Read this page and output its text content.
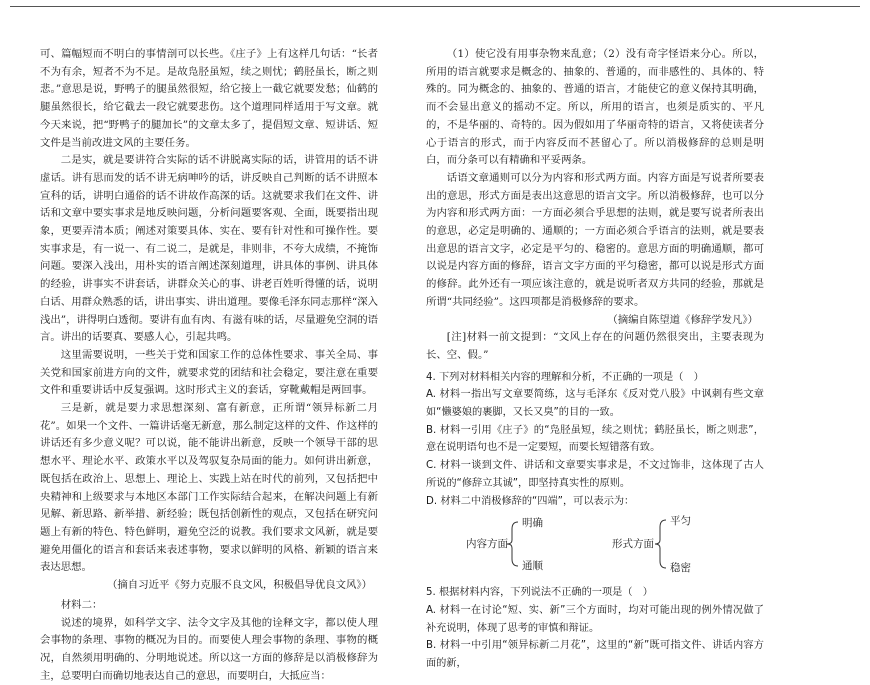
可、篇幅短而不明白的事情剖可以长些。《庄子》上有这样几句话：“长者不为有余，短者不为不足。是故凫胫虽短，续之则忧；鹤胫虽长，断之则悲。”意思是说，野鸭子的腿虽然很短，给它接上一截它就要发愁；仙鹤的腿虽然很长，给它截去一段它就要悲伤。这个道理同样适用于写文章。就今天来说，把“野鸭子的腿加长”的文章太多了，提倡短文章、短讲话、短文件是当前改进文风的主要任务。

二是实，就是要讲符合实际的话不讲脱离实际的话，讲管用的话不讲虚话。讲有思而发的话不讲无病呻吟的话，讲反映自己判断的话不讲照本宣科的话，讲明白通俗的话不讲故作高深的话。这就要求我们在文件、讲话和文章中要实事求是地反映问题，分析问题要客观、全面，既要指出现象，更要弄清本质；阐述对策要具体、实在、要有针对性和可操作性。要实事求是，有一说一、有二说二，是就是，非则非，不夸大成绩，不掩饰问题。要深入浅出，用朴实的语言阐述深刻道理，讲具体的事例、讲具体的经验，讲事实不讲套话，讲群众关心的事、讲老百姓听得懂的话，说明白话、用群众熟悉的话，讲出事实、讲出道理。要像毛泽东同志那样“深入浅出”，讲得明白透彻。要讲有血有肉、有滋有味的话，尽量避免空洞的语言。讲出的话要真、要感人心，引起共鸣。

这里需要说明，一些关于党和国家工作的总体性要求、事关全局、事关党和国家前进方向的文件，就要求党的团结和社会稳定，要注意在重要文件和重要讲话中反复强调。这时形式主义的套话，穿靴戴帽是两回事。

三是新，就是要力求思想深刻、富有新意，正所谓“领异标新二月花”。如果一个文件、一篇讲话毫无新意，那么制定这样的文件、作这样的讲话还有多少意义呢？可以说，能不能讲出新意，反映一个领导干部的思想水平、理论水平、政策水平以及驾驭复杂局面的能力。如何讲出新意，既包括在政治上、思想上、理论上、实践上站在时代的前列，又包括把中央精神和上级要求与本地区本部门工作实际结合起来，在解决问题上有新见解、新思路、新举措、新经验；既包括创新性的观点，又包括在研究问题上有新的特色、特色鲜明，避免空泛的说教。我们要求文风新，就是要避免用僵化的语言和套话来表述事物，要求以鲜明的风格、新颖的语言来表达思想。

（摘自习近平《努力克服不良文风，积极倡导优良文风》）

材料二：

说述的境界，如科学文字、法令文字及其他的诠释文字，都以使人理会事物的条理、事物的概况为目的。而要使人理会事物的条理、事物的概况，自然须用明确的、分明地说述。所以这一方面的修辞是以消极修辞为主，总要明白而确切地表达自己的意思，而要明白，大抵应当：

（1）使它没有用事杂物来乱意；（2）没有奇字怪语来分心。所以，所用的语言就要求是概念的、抽象的、普通的，而非感性的、具体的、特殊的。同为概念的、抽象的、普通的语言，才能使它的意义保持其明确，而不会显出意义的摇动不定。所以，所用的语言，也须是质实的、平凡的，不是华丽的、奇特的。因为假如用了华丽奇特的语言，又将使读者分心于语言的形式，而于内容反而不甚留心了。所以消极修辞的总则是明白，而分条可以有精确和平妥两条。

话语文章通则可以分为内容和形式两方面。内容方面是写说者所要表出的意思，形式方面是表出这意思的语言文字。所以消极修辞，也可以分为内容和形式两方面：一方面必须合乎思想的法则，就是要写说者所表出的意思，必定是明确的、通顺的；一方面必须合乎语言的法则，就是要表出意思的语言文字，必定是平匀的、稳密的。意思方面的明确通顺，都可以说是内容方面的修辞，语言文字方面的平匀稳密，都可以说是形式方面的修辞。此外还有一项应该注意的，就是说听者双方共同的经验，那就是所谓“共同经验”。这四项都是消极修辞的要求。

（摘编自陈望道《修辞学发凡》）

[注]材料一前文提到：“文风上存在的问题仍然很突出，主要表现为长、空、假。”

4. 下列对材料相关内容的理解和分析，不正确的一项是（　）

A. 材料一指出写文章要简练，这与毛泽东《反对党八股》中讽刺有些文章如“懒婆娘的裹脚，又长又臭”的目的一致。

B. 材料一引用《庄子》的“凫胫虽短，续之则忧；鹤胫虽长，断之则悲”，意在说明语句也不是一定要短，而要长短错落有致。

C. 材料一谈到文件、讲话和文章要实事求是，不文过饰非，这体现了古人所说的“修辞立其诚”，即坚持真实性的原则。

D. 材料二中消极修辞的“四端”，可以表示为：

内容方面
明确
通顺
形式方面
平匀
稳密

5. 根据材料内容，下列说法不正确的一项是（　）

A. 材料一在讨论“短、实、新”三个方面时，均对可能出现的例外情况做了补充说明，体现了思考的审慎和辩证。

B. 材料一中引用“领异标新二月花”，这里的“新”既可指文件、讲话内容方面的新，
